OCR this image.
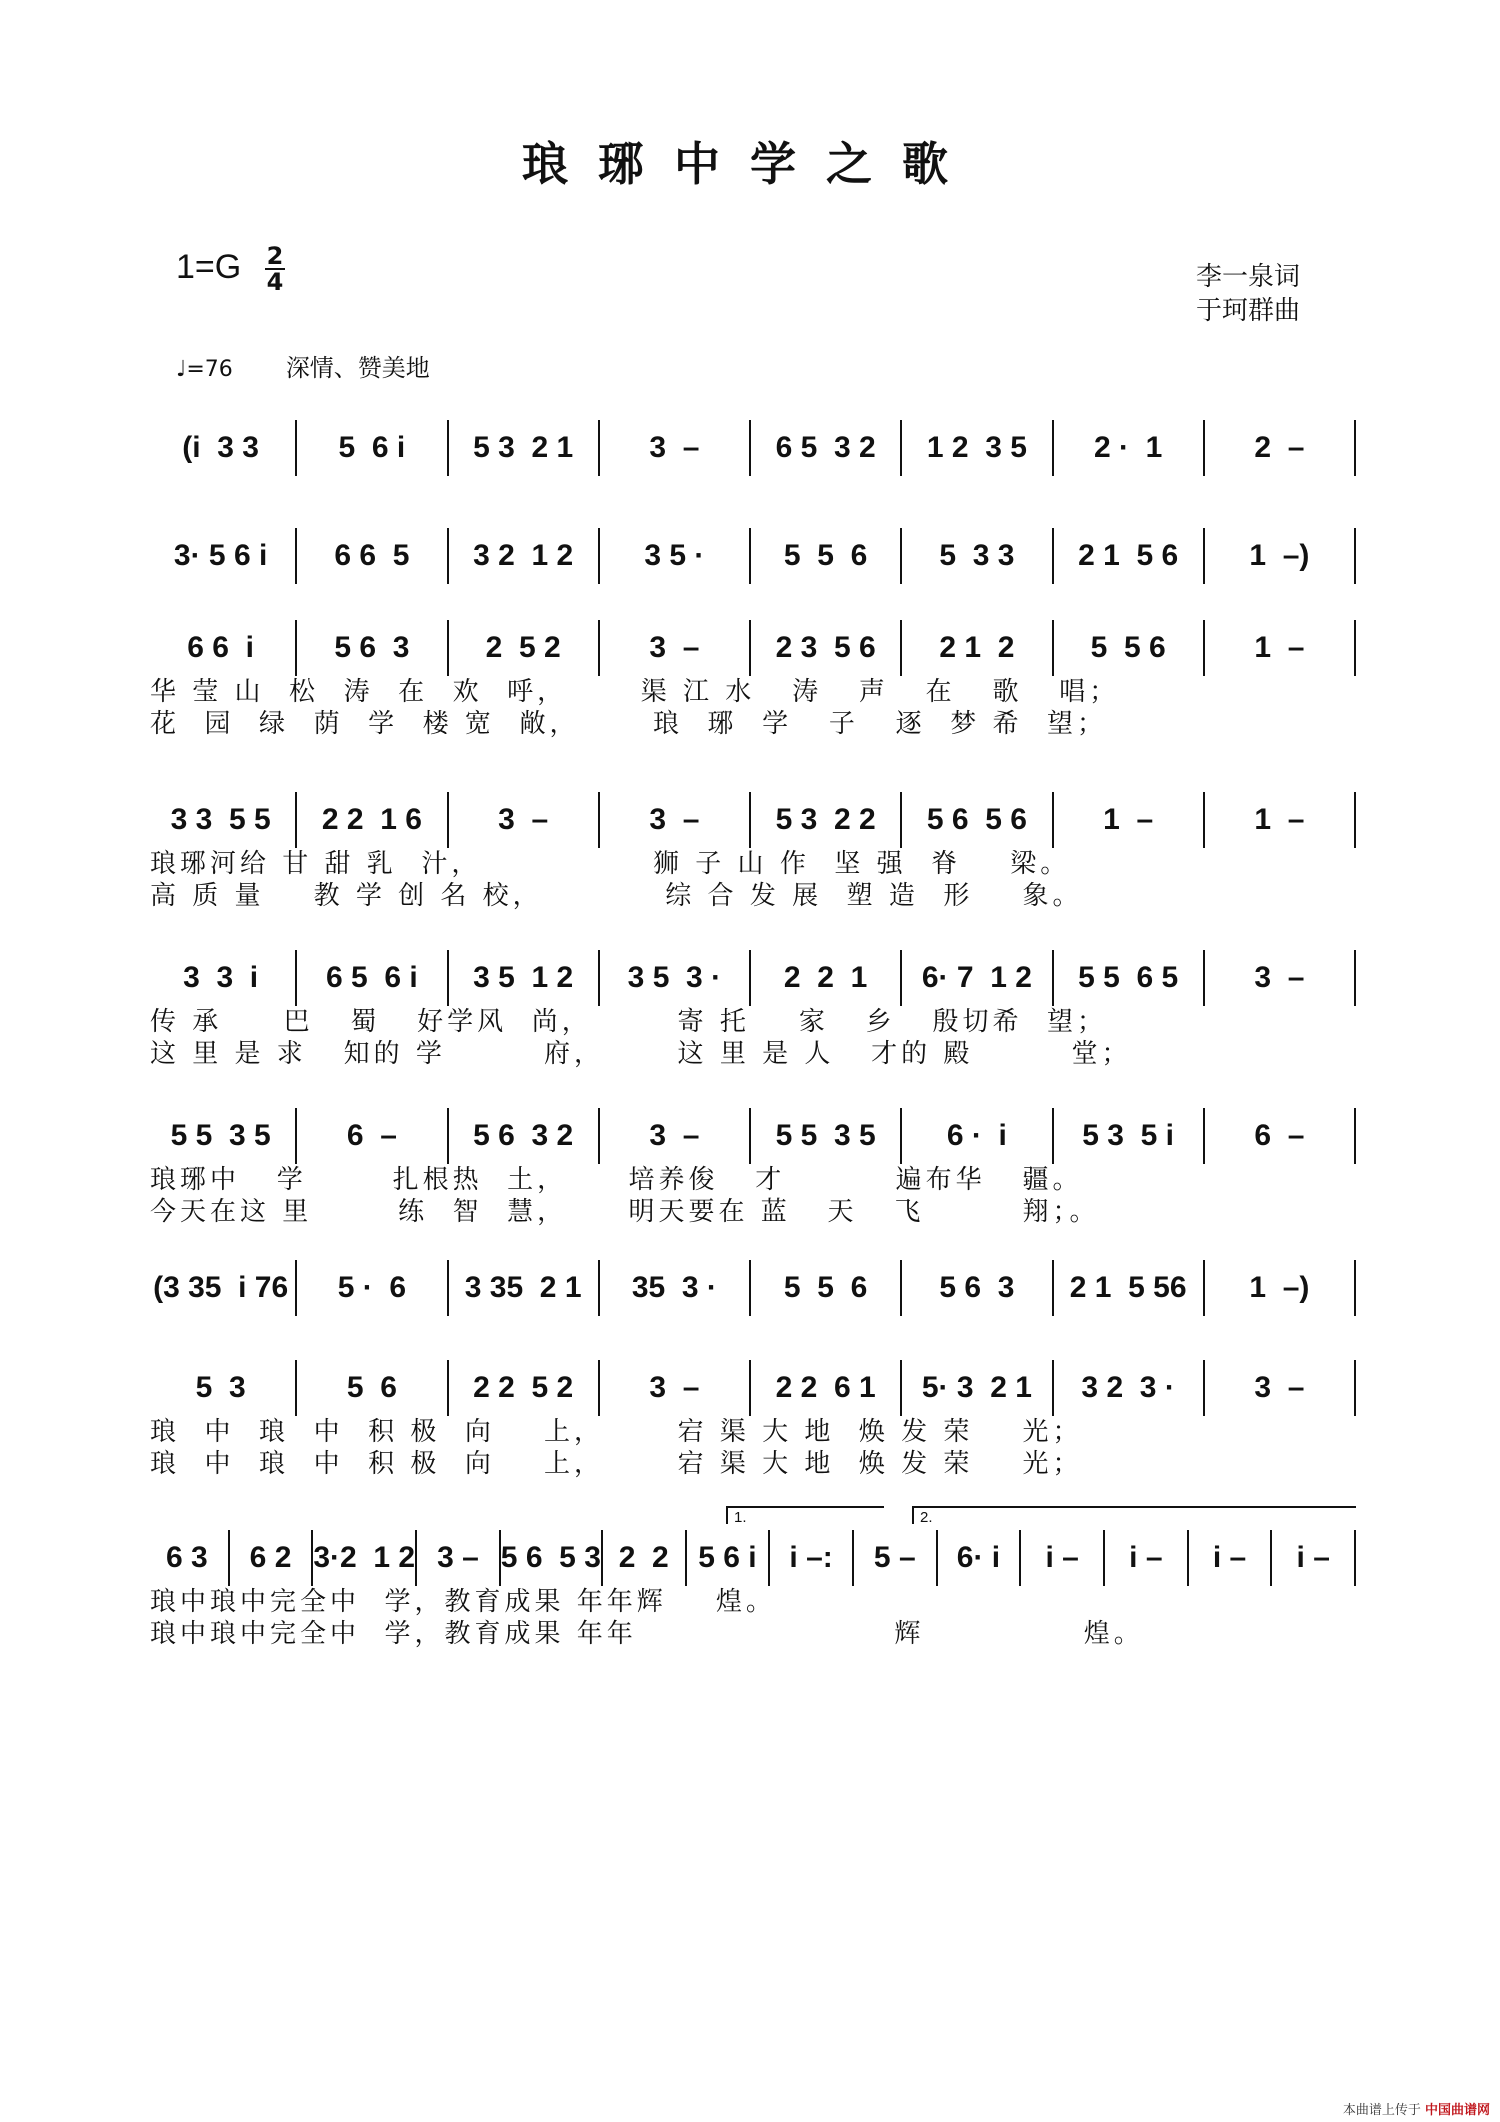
琅琊中学之歌
1=G 2
4	李一泉词
于珂群曲
♩=76 深情、赞美地
(i  3 3	5  6 i	5 3  2 1	3  –	6 5  3 2	1 2  3 5	2 ·  1	2  –
3· 5 6 i	6 6  5	3 2  1 2	3 5 ·	5  5  6	5  3 3	2 1  5 6	1  –)
6 6  i	5 6  3	2  5 2	3  –	2 3  5 6	2 1  2	5  5 6	1  –
华 莹 山  松  涛  在  欢  呼，      渠 江 水   涛   声   在   歌   唱；
花  园  绿  荫  学  楼 宽  敞，      琅  琊  学   子   逐  梦 希  望；
3 3  5 5	2 2  1 6	3  –	3  –	5 3  2 2	5 6  5 6	1  –	1  –
琅琊河给 甘 甜 乳  汁，              狮 子 山 作  坚 强  脊    梁。
高 质 量    教 学 创 名 校，          综 合 发 展  塑 造  形    象。
3  3  i	6 5  6 i	3 5  1 2	3 5  3 ·	2  2  1	6· 7  1 2	5 5  6 5	3  –
传 承     巴   蜀   好学风  尚，       寄 托    家   乡   殷切希  望；
这 里 是 求   知的 学        府，      这 里 是 人   才的 殿        堂；
5 5  3 5	6  –	5 6  3 2	3  –	5 5  3 5	6 ·  i	5 3  5 i	6  –
琅琊中   学       扎根热  土，     培养俊   才         遍布华   疆。
今天在这 里       练  智  慧，     明天要在 蓝   天   飞        翔；。
(3 35  i 76	5 ·  6	3 35  2 1	35  3 ·	5  5  6	5 6  3	2 1  5 56	1  –)
5  3	5  6	2 2  5 2	3  –	2 2  6 1	5· 3  2 1	3 2  3 ·	3  –
琅  中  琅  中  积 极  向    上，      宕 渠 大 地  焕 发 荣    光；
琅  中  琅  中  积 极  向    上，      宕 渠 大 地  焕 发 荣    光；
6 3	6 2 3·2  1 2 3 – 5 6  5 3 2  2 5 6 i	i –:	5 –	6· i	i –	i –	i –	i –
琅中琅中完全中  学，教育成果 年年辉    煌。
琅中琅中完全中  学，教育成果 年年                     辉             煌。
1.	2.
本曲谱上传于 中国曲谱网
